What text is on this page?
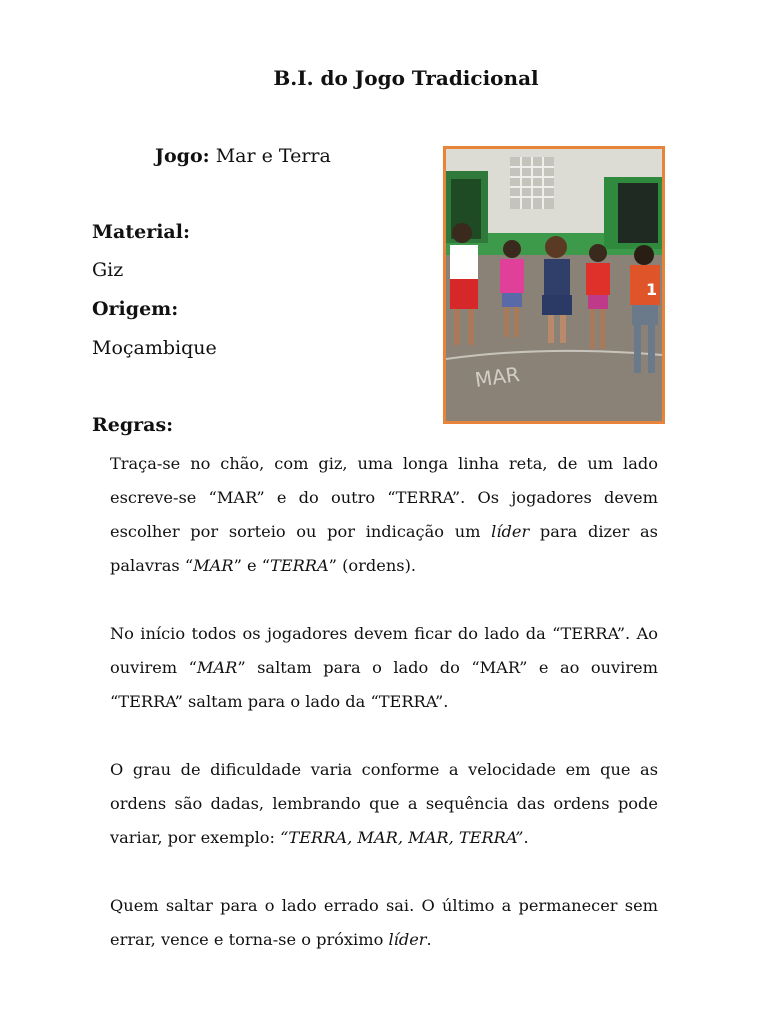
B.I. do Jogo Tradicional
Jogo: Mar e Terra
Material:
Giz
Origem:
Moçambique
Regras:
MAR
1

Traça-se no chão, com giz, uma longa linha reta, de um lado escreve-se “MAR” e do outro “TERRA”. Os jogadores devem escolher por sorteio ou por indicação um líder para dizer as palavras “MAR” e “TERRA” (ordens).

No início todos os jogadores devem ficar do lado da “TERRA”. Ao ouvirem “MAR” saltam para o lado do “MAR” e ao ouvirem “TERRA” saltam para o lado da “TERRA”.

O grau de dificuldade varia conforme a velocidade em que as ordens são dadas, lembrando que a sequência das ordens pode variar, por exemplo: “TERRA, MAR, MAR, TERRA”.

Quem saltar para o lado errado sai. O último a permanecer sem errar, vence e torna-se o próximo líder.
